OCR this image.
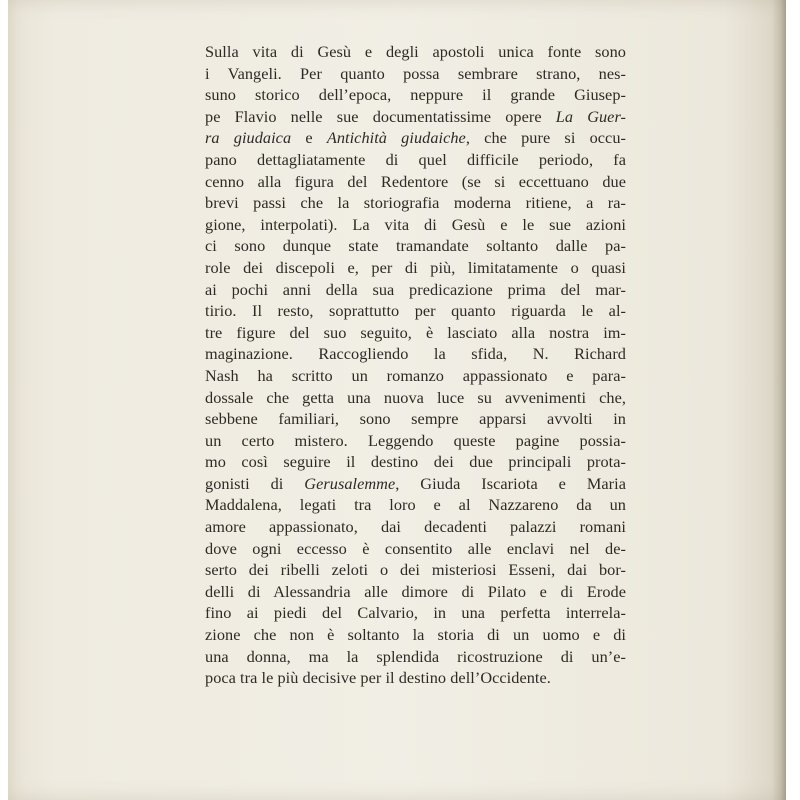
Sulla vita di Gesù e degli apostoli unica fonte sono
i Vangeli. Per quanto possa sembrare strano, nes-
suno storico dell’epoca, neppure il grande Giusep-
pe Flavio nelle sue documentatissime opere La Guer-
ra giudaica e Antichità giudaiche, che pure si occu-
pano dettagliatamente di quel difficile periodo, fa
cenno alla figura del Redentore (se si eccettuano due
brevi passi che la storiografia moderna ritiene, a ra-
gione, interpolati). La vita di Gesù e le sue azioni
ci sono dunque state tramandate soltanto dalle pa-
role dei discepoli e, per di più, limitatamente o quasi
ai pochi anni della sua predicazione prima del mar-
tirio. Il resto, soprattutto per quanto riguarda le al-
tre figure del suo seguito, è lasciato alla nostra im-
maginazione. Raccogliendo la sfida, N. Richard
Nash ha scritto un romanzo appassionato e para-
dossale che getta una nuova luce su avvenimenti che,
sebbene familiari, sono sempre apparsi avvolti in
un certo mistero. Leggendo queste pagine possia-
mo così seguire il destino dei due principali prota-
gonisti di Gerusalemme, Giuda Iscariota e Maria
Maddalena, legati tra loro e al Nazzareno da un
amore appassionato, dai decadenti palazzi romani
dove ogni eccesso è consentito alle enclavi nel de-
serto dei ribelli zeloti o dei misteriosi Esseni, dai bor-
delli di Alessandria alle dimore di Pilato e di Erode
fino ai piedi del Calvario, in una perfetta interrela-
zione che non è soltanto la storia di un uomo e di
una donna, ma la splendida ricostruzione di un’e-
poca tra le più decisive per il destino dell’Occidente.
